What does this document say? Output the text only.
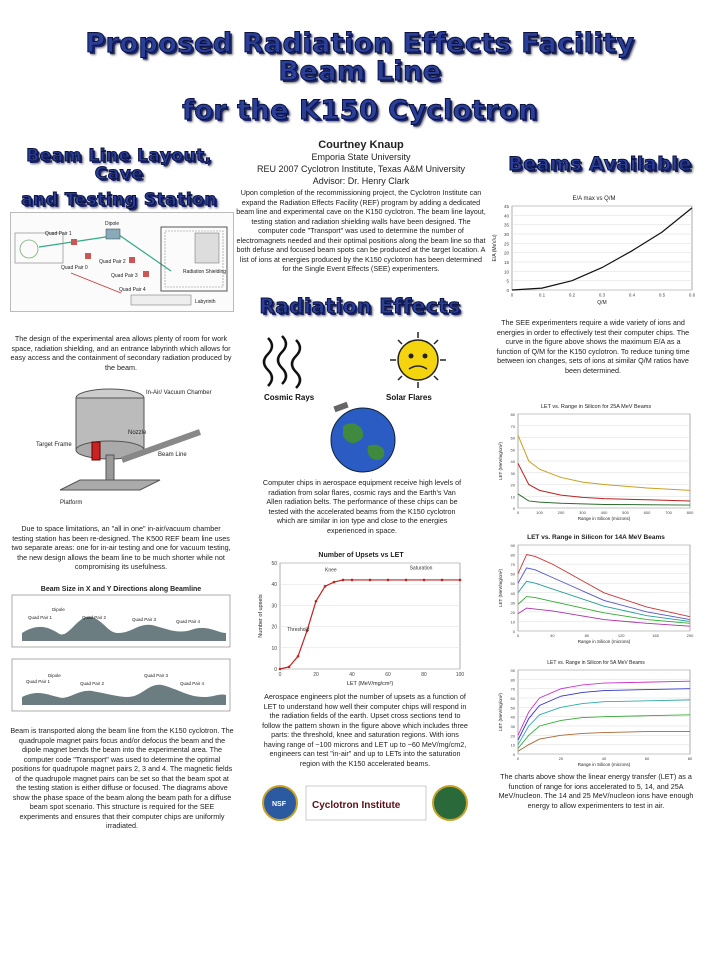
Proposed Radiation Effects Facility Beam Line
for the K150 Cyclotron
Courtney Knaup
Emporia State University
REU 2007 Cyclotron Institute, Texas A&M University
Advisor: Dr. Henry Clark
Beam Line Layout, Cave
and Testing Station
Beams Available
Radiation Effects
Upon completion of the recommissioning project, the Cyclotron Institute can expand the Radiation Effects Facility (REF) program by adding a dedicated beam line and experimental cave on the K150 cyclotron. The beam line layout, testing station and radiation shielding walls have been designed. The computer code "Transport" was used to determine the number of electromagnets needed and their optimal positions along the beam line so that both defuse and focused beam spots can be produced at the target location. A list of ions at energies produced by the K150 cyclotron has been determined for the Single Event Effects (SEE) experimenters.
Dipole
Quad Pair 1
Quad Pair 0
Quad Pair 2
Quad Pair 3
Quad Pair 4
Radiation Shielding
Labyrinth
The design of the experimental area allows plenty of room for work space, radiation shielding, and an entrance labyrinth which allows for easy access and the containment of secondary radiation produced by the beam.
In-Air/ Vacuum Chamber
Nozzle
Target Frame
Beam Line
Platform
Due to space limitations, an "all in one" in-air/vacuum chamber testing station has been re-designed. The K500 REF beam line uses two separate areas: one for in-air testing and one for vacuum testing, the new design allows the beam line to be much shorter while not compromising its usefulness.
Beam Size in X and Y Directions along Beamline
Quad Pair 1
Dipole
Quad Pair 2	Quad Pair 3	Quad Pair 4
Quad Pair 1
Dipole
Quad Pair 2
Quad Pair 3
Quad Pair 4
Beam is transported along the beam line from the K150 cyclotron. The quadrupole magnet pairs focus and/or defocus the beam and the dipole magnet bends the beam into the experimental area. The computer code "Transport" was used to determine the optimal positions for quadrupole magnet pairs 2, 3 and 4. The magnetic fields of the quadrupole magnet pairs can be set so that the beam spot at the testing station is either diffuse or focused. The diagrams above show the phase space of the beam along the beam path for a diffuse beam spot scenario. This structure is required for the SEE experiments and ensures that their computer chips are uniformly irradiated.
Cosmic Rays	Solar Flares
Computer chips in aerospace equipment receive high levels of radiation from solar flares, cosmic rays and the Earth's Van Allen radiation belts. The performance of these chips can be tested with the accelerated beams from the K150 cyclotron which are similar in ion type and close to the energies experienced in space.
Number of Upsets vs LET
0
10
20
30
40
50
0	20	40	60	80	100
LET (MeV/mg/cm²)
Number of upsets	Threshold
Knee	Saturation
Aerospace engineers plot the number of upsets as a function of LET to understand how well their computer chips will respond in the radiation fields of the earth. Upset cross sections tend to follow the pattern shown in the figure above which includes three parts: the threshold, knee and saturation regions. With ions having range of ~100 microns and LET up to ~60 MeV/mg/cm2, engineers can test "in-air" and up to LETs into the saturation region with the K150 accelerated beams.
NSF	Cyclotron Institute
E/A max vs Q/M
0
5
10
15
20
25
30
35
40
45
0	0.1	0.2	0.3	0.4	0.5	0.6
Q/M
E/A (MeV/u)
The SEE experimenters require a wide variety of ions and energies in order to effectively test their computer chips. The curve in the figure above shows the maximum E/A as a function of Q/M for the K150 cyclotron. To reduce tuning time between ion changes, sets of ions at similar Q/M ratios have been determined.
LET vs. Range in Silicon for 25A MeV Beams
0
10
20
30
40
50
60
70
80
0	100	200	300	400	500	600	700	800
Range in Silicon (microns)
LET (MeV/mg/cm²)
LET vs. Range in Silicon for 14A MeV Beams
0
10
20
30
40
50
60
70
80
90
0	40	80	120	160	200
Range in Silicon (microns)
LET (MeV/mg/cm²)
LET vs. Range in Silicon for 5A MeV Beams
0
10
20
30
40
50
60
70
80
90
0	20	40	60	80
Range in Silicon (microns)
LET (MeV/mg/cm²)
The charts above show the linear energy transfer (LET) as a function of range for ions accelerated to 5, 14, and 25A MeV/nucleon. The 14 and 25 MeV/nucleon ions have enough energy to allow experimenters to test in air.
